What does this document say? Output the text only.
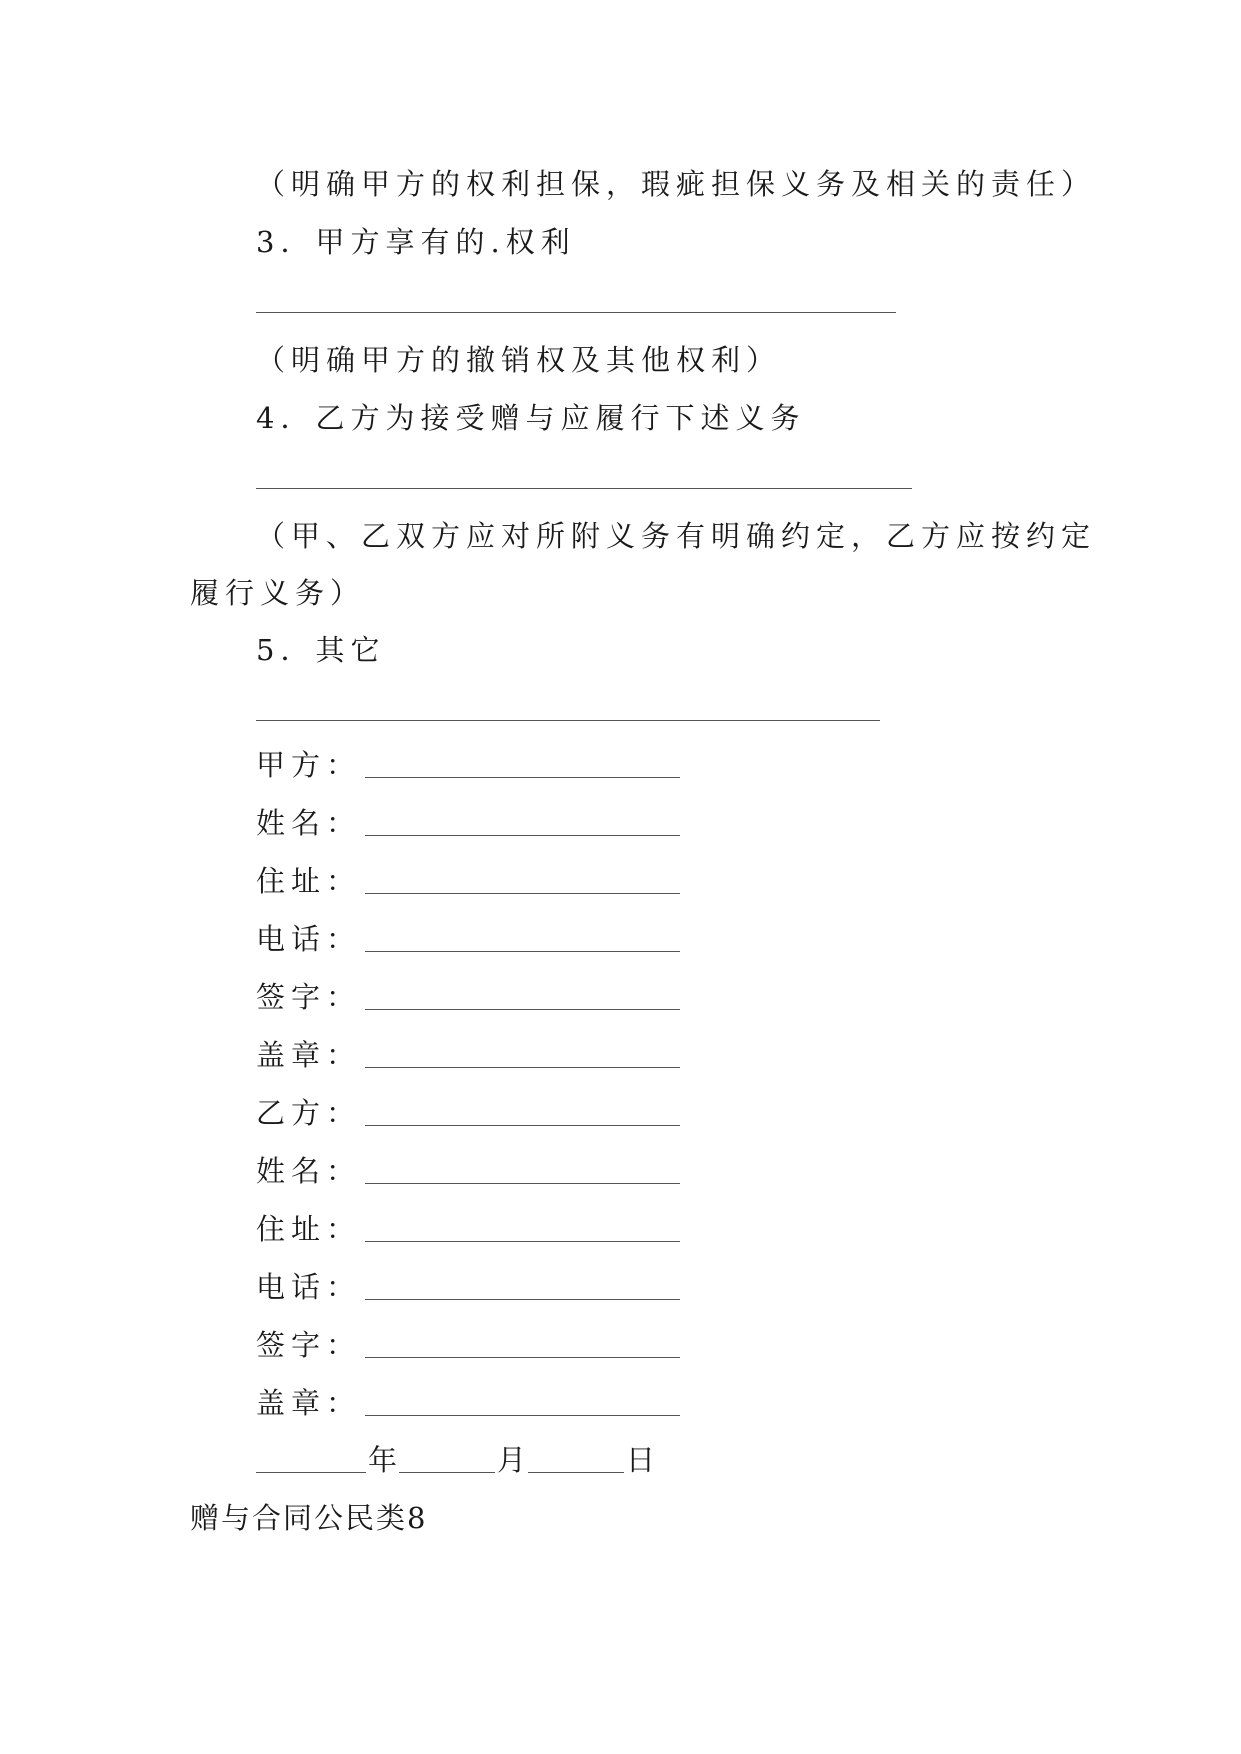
（明确甲方的权利担保，瑕疵担保义务及相关的责任）
3．甲方享有的.权利
（明确甲方的撤销权及其他权利）
4．乙方为接受赠与应履行下述义务
（甲、乙双方应对所附义务有明确约定，乙方应按约定
履行义务）
5．其它
甲方：
姓名：
住址：
电话：
签字：
盖章：
乙方：
姓名：
住址：
电话：
签字：
盖章：
年	月	日
赠与合同公民类8
